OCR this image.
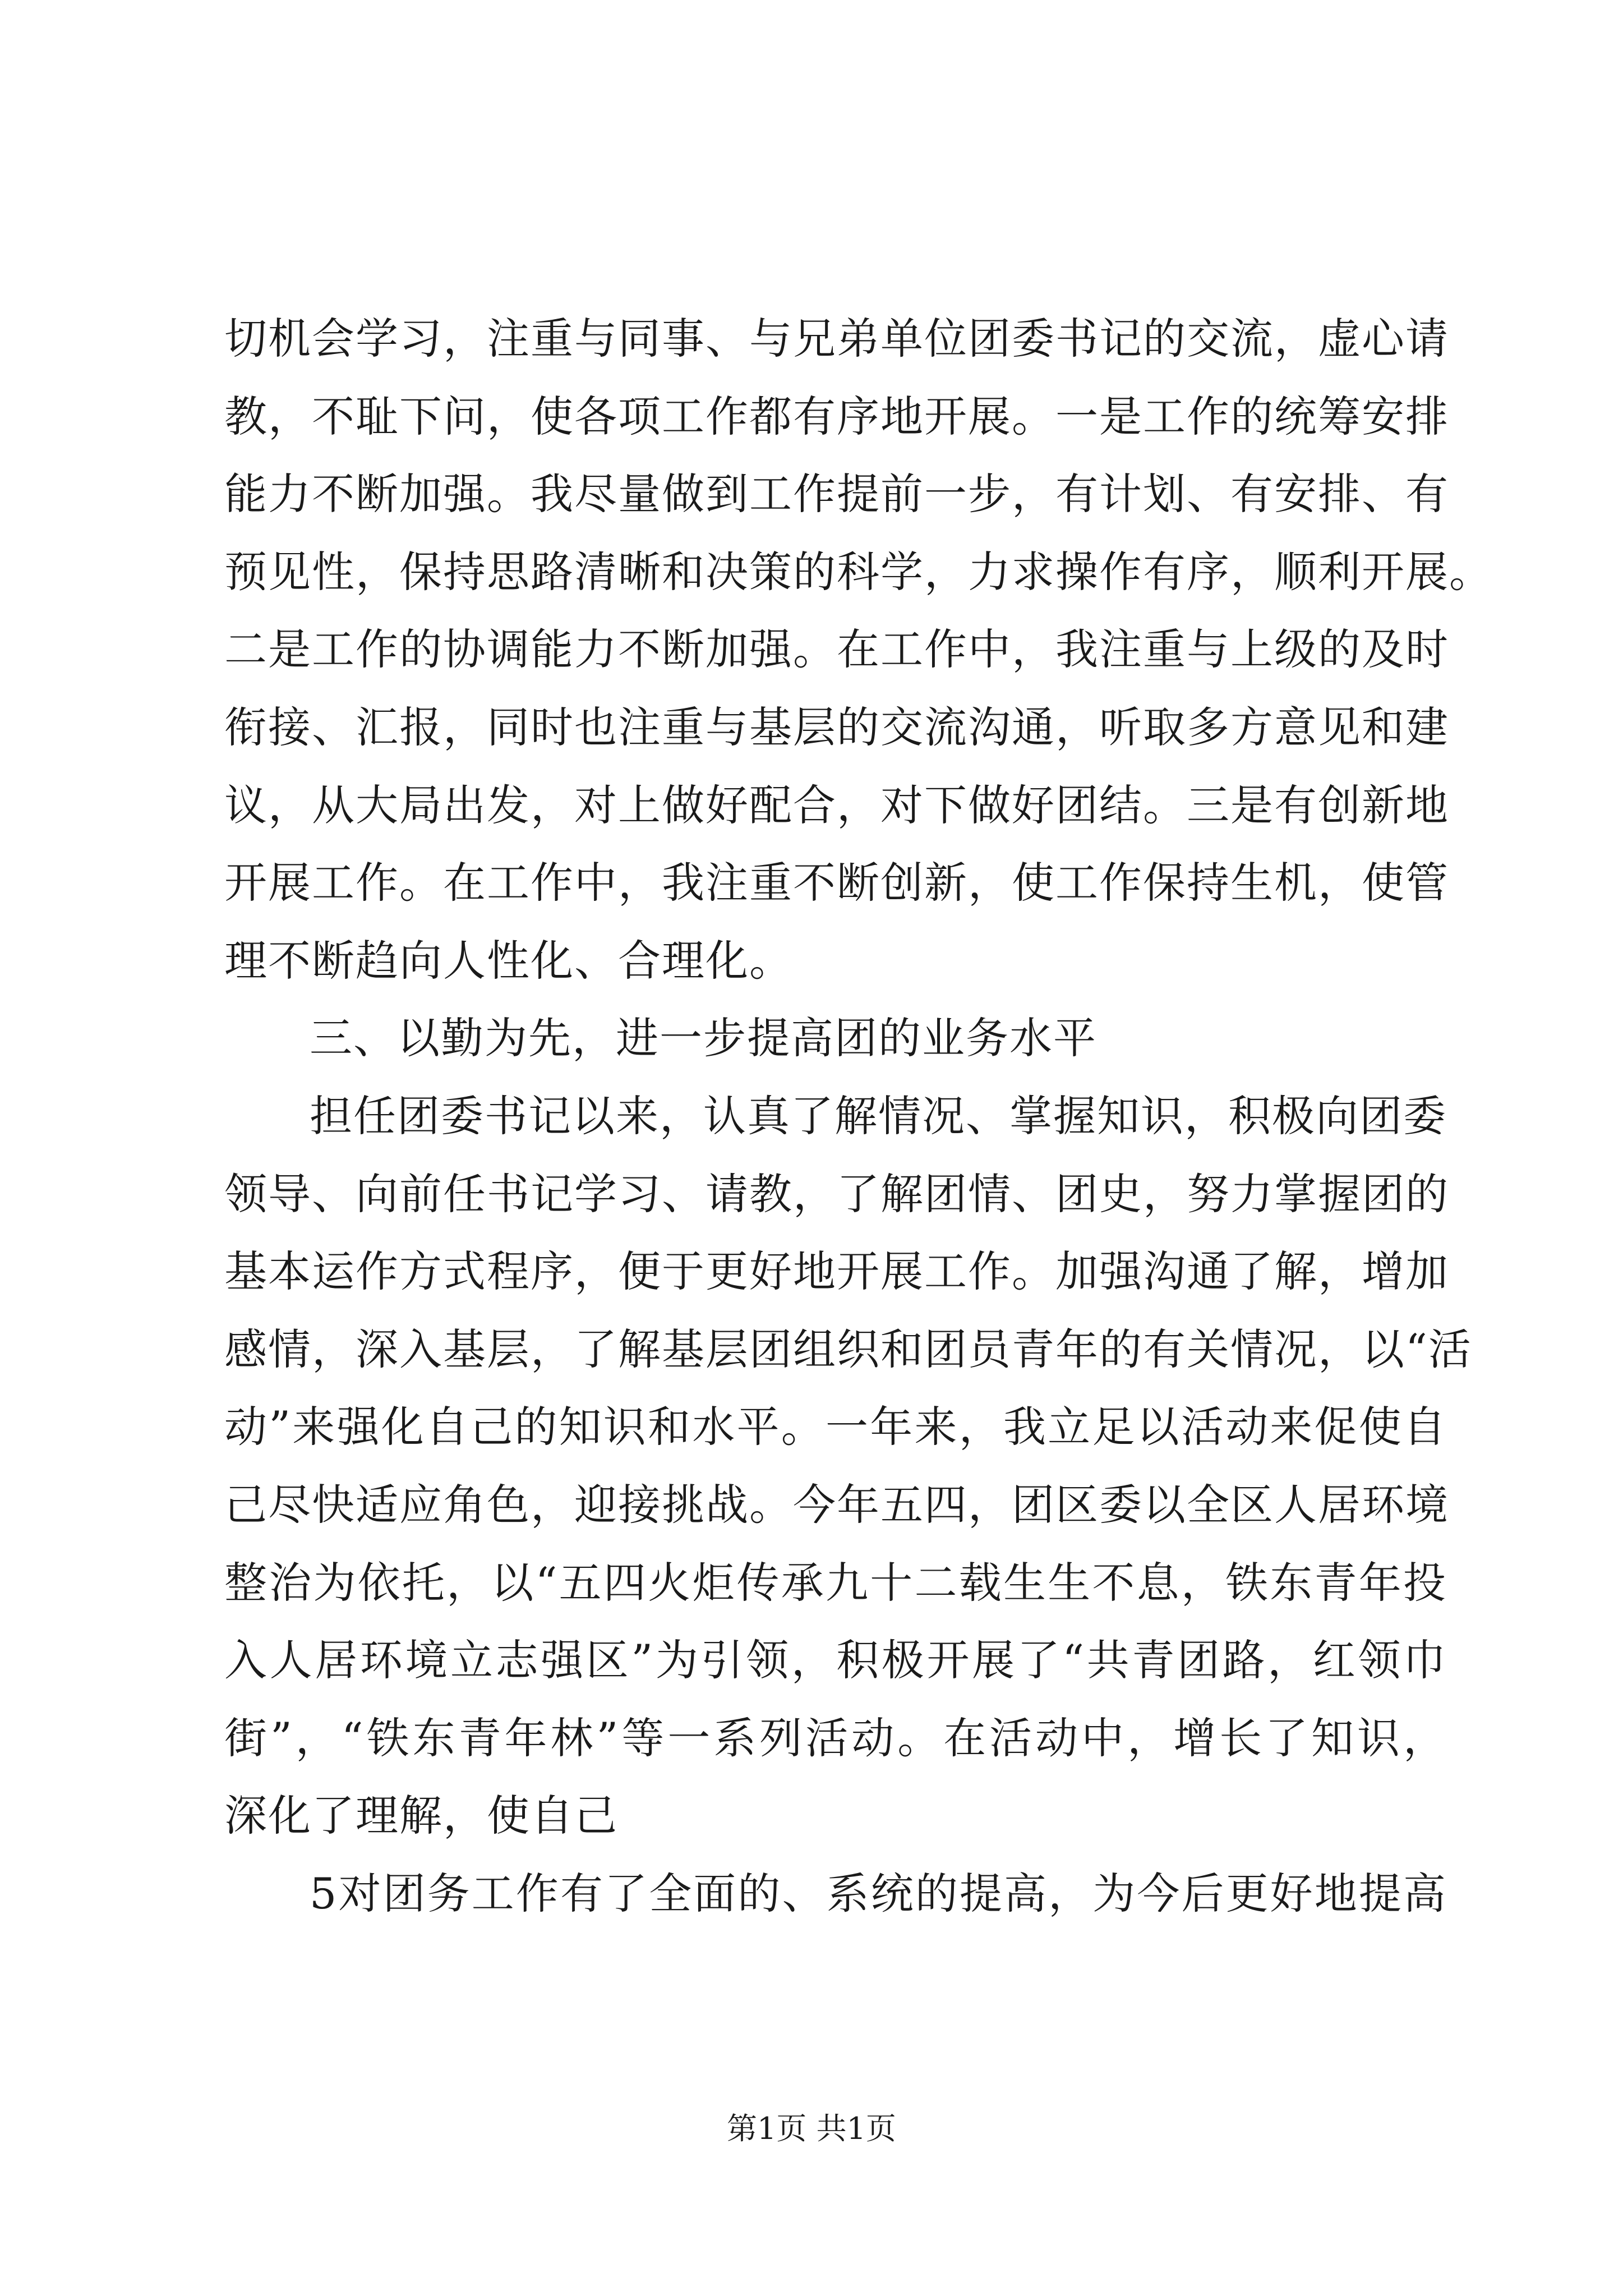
切机会学习，注重与同事、与兄弟单位团委书记的交流，虚心请
教，不耻下问，使各项工作都有序地开展。一是工作的统筹安排
能力不断加强。我尽量做到工作提前一步，有计划、有安排、有
预见性，保持思路清晰和决策的科学，力求操作有序，顺利开展。
二是工作的协调能力不断加强。在工作中，我注重与上级的及时
衔接、汇报，同时也注重与基层的交流沟通，听取多方意见和建
议，从大局出发，对上做好配合，对下做好团结。三是有创新地
开展工作。在工作中，我注重不断创新，使工作保持生机，使管
理不断趋向人性化、合理化。
三、以勤为先，进一步提高团的业务水平
担任团委书记以来，认真了解情况、掌握知识，积极向团委
领导、向前任书记学习、请教，了解团情、团史，努力掌握团的
基本运作方式程序，便于更好地开展工作。加强沟通了解，增加
感情，深入基层，了解基层团组织和团员青年的有关情况，以“活
动”来强化自己的知识和水平。一年来，我立足以活动来促使自
己尽快适应角色，迎接挑战。今年五四，团区委以全区人居环境
整治为依托，以“五四火炬传承九十二载生生不息，铁东青年投
入人居环境立志强区”为引领，积极开展了“共青团路，红领巾
街”，“铁东青年林”等一系列活动。在活动中，增长了知识，
深化了理解，使自己
5对团务工作有了全面的、系统的提高，为今后更好地提高
第1页 共1页
